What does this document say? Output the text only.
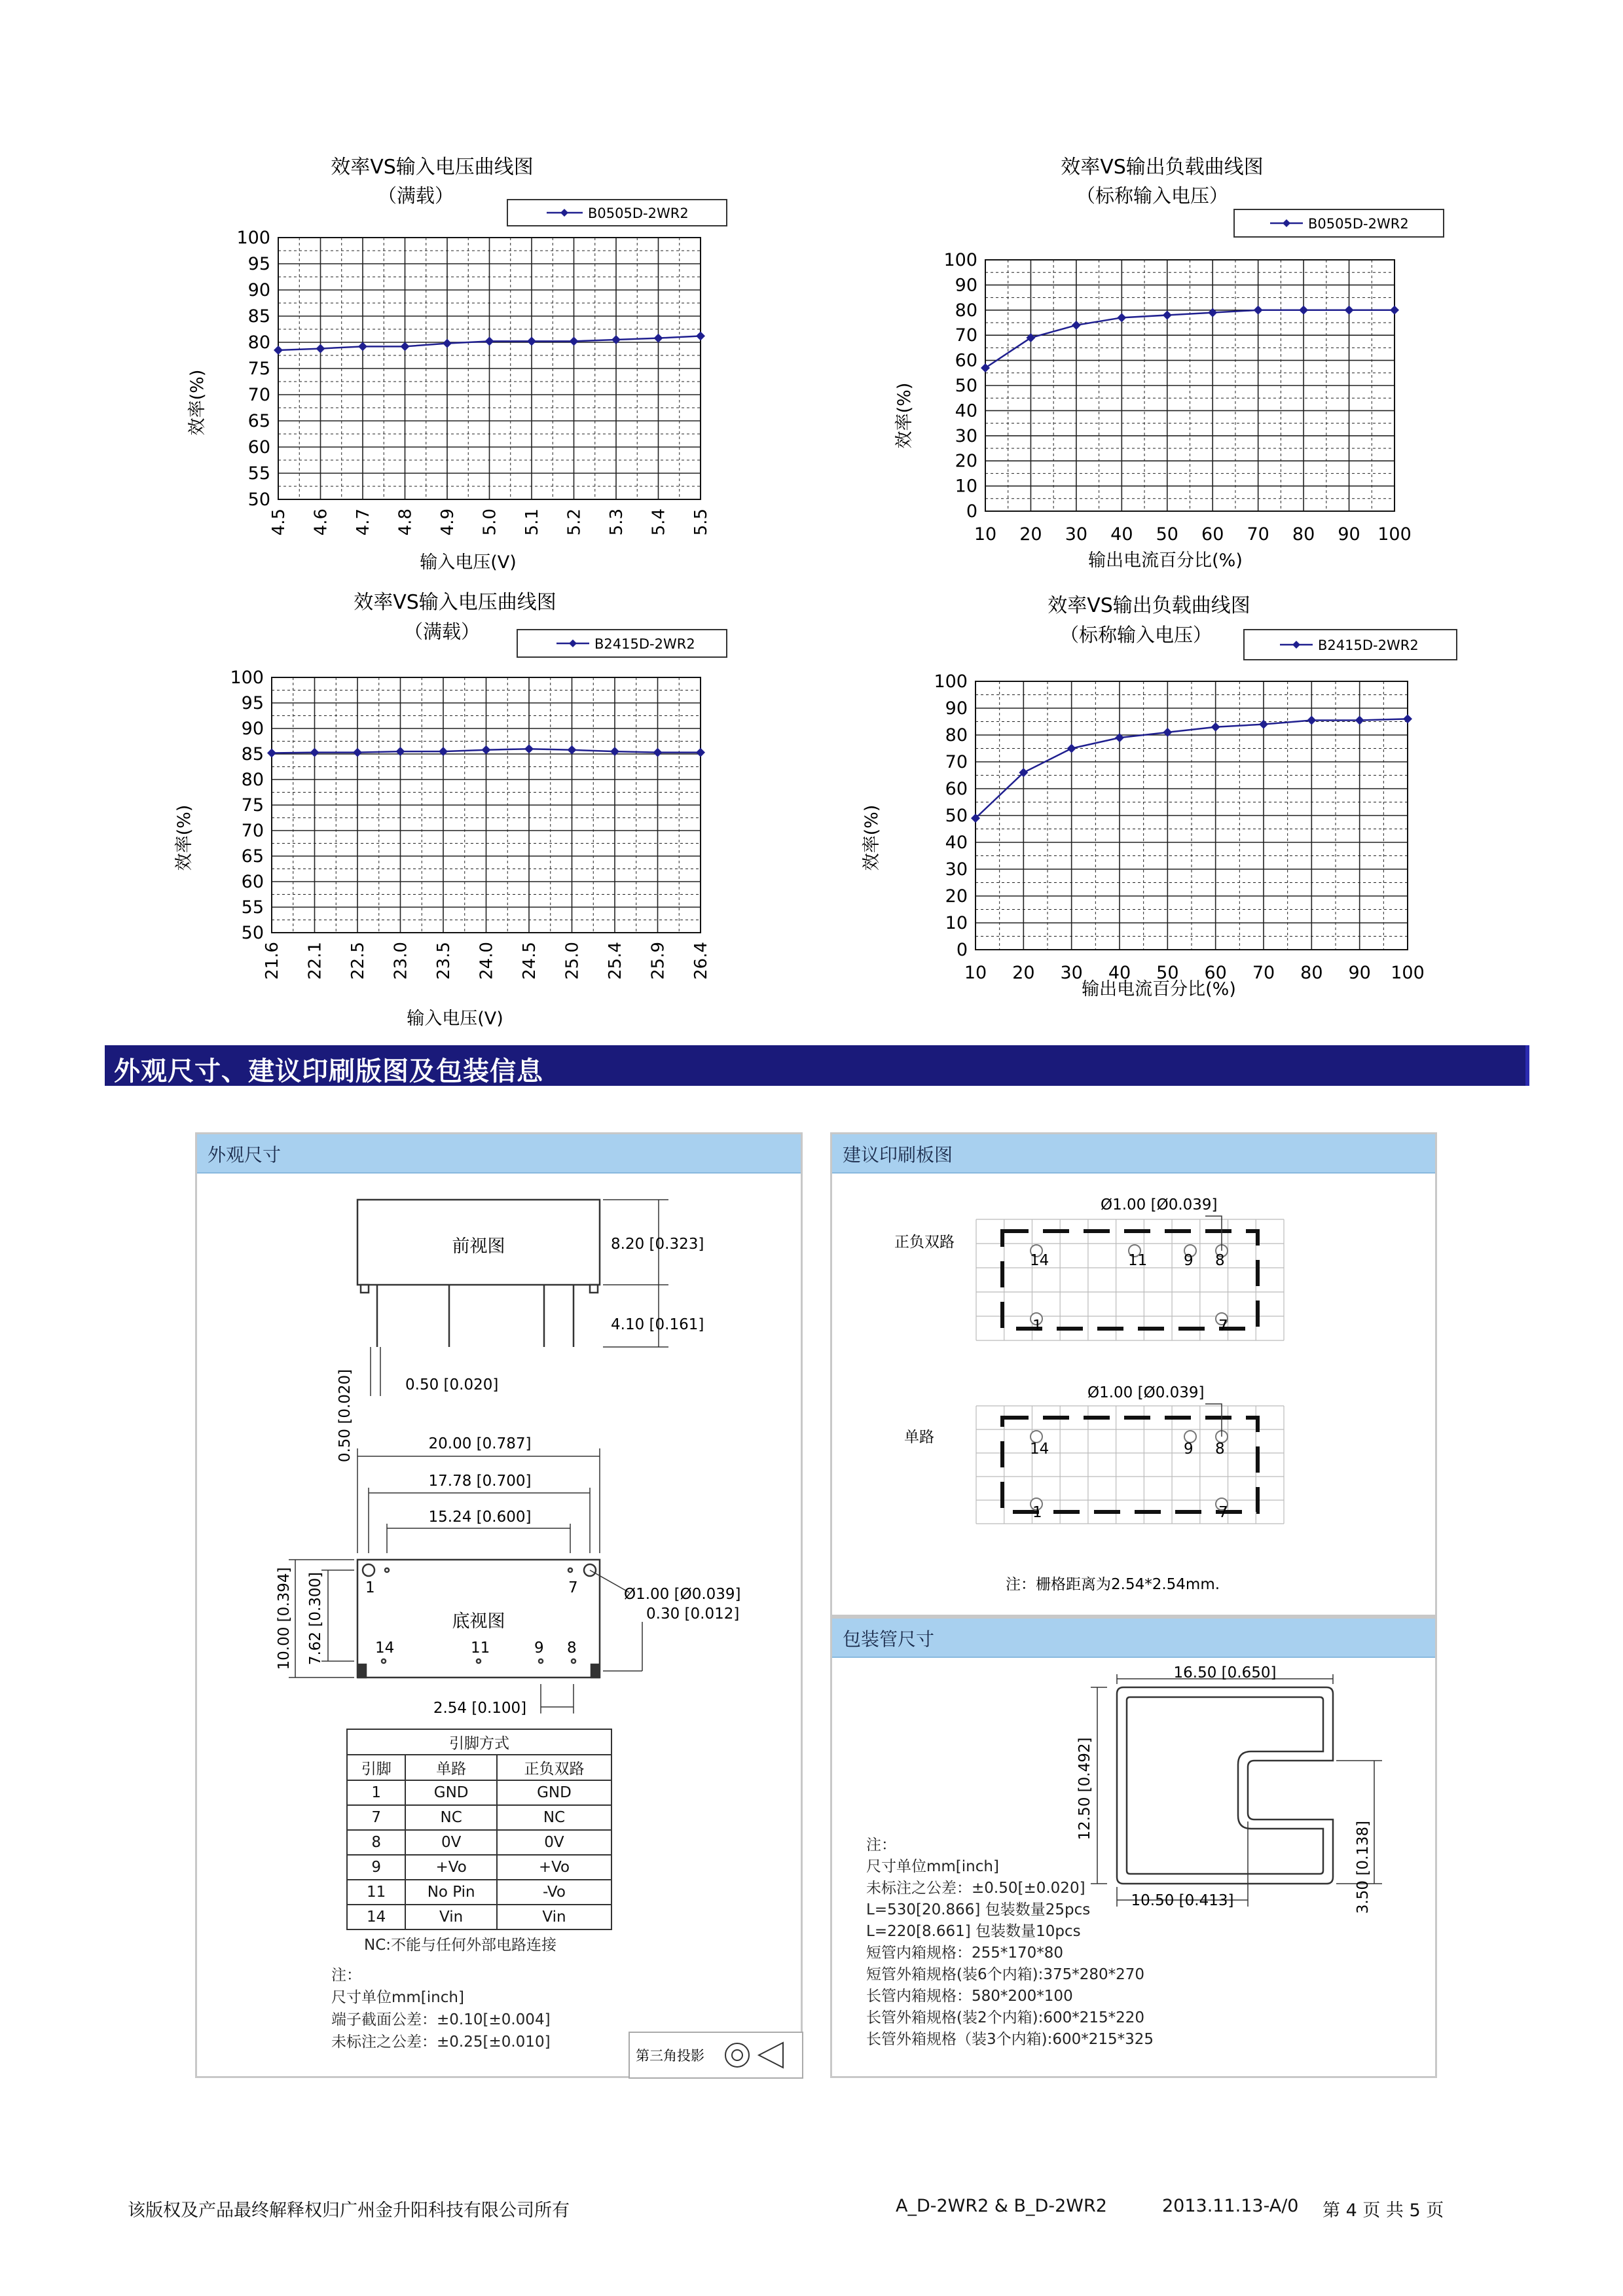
效率VS输入电压曲线图
（满载）
B0505D-2WR2
100
95
90
85
80
75
70
65
60
55
50
4.5 4.6 4.7 4.8 4.9 5.0 5.1 5.2 5.3 5.4 5.5
效率(%)
输入电压(V)
效率VS输出负载曲线图
（标称输入电压）
B0505D-2WR2
100
90
80
70
60
50
40
30
20
10
0
10 20 30 40 50 60 70 80 90 100
效率(%)
输出电流百分比(%)
效率VS输入电压曲线图
（满载）
B2415D-2WR2
100
95
90
85
80
75
70
65
60
55
50
21.6 22.1 22.5 23.0 23.5 24.0 24.5 25.0 25.4 25.9 26.4
效率(%)
输入电压(V)
效率VS输出负载曲线图
（标称输入电压）	B2415D-2WR2
100
90
80
70
60
50
40
30
20
10
0
10 20 30 40 50 60 70 80 90 100
效率(%)
输出电流百分比(%)
外观尺寸、建议印刷版图及包装信息
外观尺寸
前视图	8.20 [0.323]
4.10 [0.161]
0.50 [0.020]	0.50 [0.020]
底视图
20.00 [0.787]
17.78 [0.700]
15.24 [0.600]
10.00 [0.394] 7.62 [0.300]	Ø1.00 [Ø0.039]
0.30 [0.012]
2.54 [0.100]
1	7
14	11	9 8
第三角投影
引脚方式		
引脚	单路	正负双路
1	GND	GND
7	NC	NC
8	0V	0V
9	+Vo	+Vo
11	No Pin	-Vo
14	Vin	Vin
NC:不能与任何外部电路连接
注：
尺寸单位mm[inch]
端子截面公差：±0.10[±0.004]
未标注之公差：±0.25[±0.010]
建议印刷板图
正负双路
单路
Ø1.00 [Ø0.039]
Ø1.00 [Ø0.039]
14	11 9 8
1	7
14	9 8
1	7
注：栅格距离为2.54*2.54mm.
包装管尺寸
16.50 [0.650]
12.50 [0.492]
3.50 [0.138]
10.50 [0.413]
注：
尺寸单位mm[inch]
未标注之公差：±0.50[±0.020]
L=530[20.866] 包装数量25pcs
L=220[8.661] 包装数量10pcs
短管内箱规格：255*170*80
短管外箱规格(装6个内箱):375*280*270
长管内箱规格：580*200*100
长管外箱规格(装2个内箱):600*215*220
长管外箱规格（装3个内箱):600*215*325
该版权及产品最终解释权归广州金升阳科技有限公司所有	A_D-2WR2 & B_D-2WR2	2013.11.13-A/0 第 4 页 共 5 页
